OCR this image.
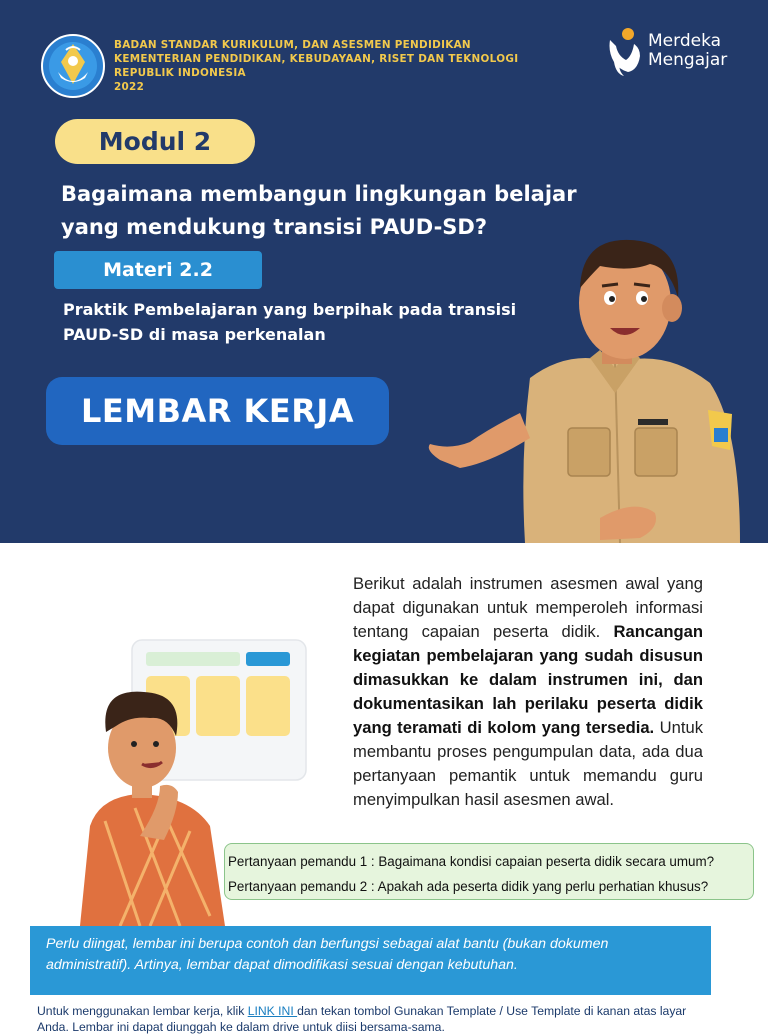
BADAN STANDAR KURIKULUM, DAN ASESMEN PENDIDIKAN
KEMENTERIAN PENDIDIKAN, KEBUDAYAAN, RISET DAN TEKNOLOGI
REPUBLIK INDONESIA
2022
Merdeka
Mengajar
Modul 2
Bagaimana membangun lingkungan belajar
yang mendukung transisi PAUD-SD?
Materi 2.2
Praktik Pembelajaran yang berpihak pada transisi
PAUD-SD di masa perkenalan
LEMBAR KERJA
Berikut adalah instrumen asesmen awal yang dapat digunakan untuk memperoleh informasi tentang capaian peserta didik. Rancangan kegiatan pembelajaran yang sudah disusun dimasukkan ke dalam instrumen ini, dan dokumentasikan lah perilaku peserta didik yang teramati di kolom yang tersedia. Untuk membantu proses pengumpulan data, ada dua pertanyaan pemantik untuk memandu guru menyimpulkan hasil asesmen awal.
Pertanyaan pemandu 1 : Bagaimana kondisi capaian peserta didik secara umum?
Pertanyaan pemandu 2 : Apakah ada peserta didik yang perlu perhatian khusus?
Perlu diingat, lembar ini berupa contoh dan berfungsi sebagai alat bantu (bukan dokumen
administratif). Artinya, lembar dapat dimodifikasi sesuai dengan kebutuhan.
Untuk menggunakan lembar kerja, klik LINK INI dan tekan tombol Gunakan Template / Use Template di kanan atas layar
Anda. Lembar ini dapat diunggah ke dalam drive untuk diisi bersama-sama.
